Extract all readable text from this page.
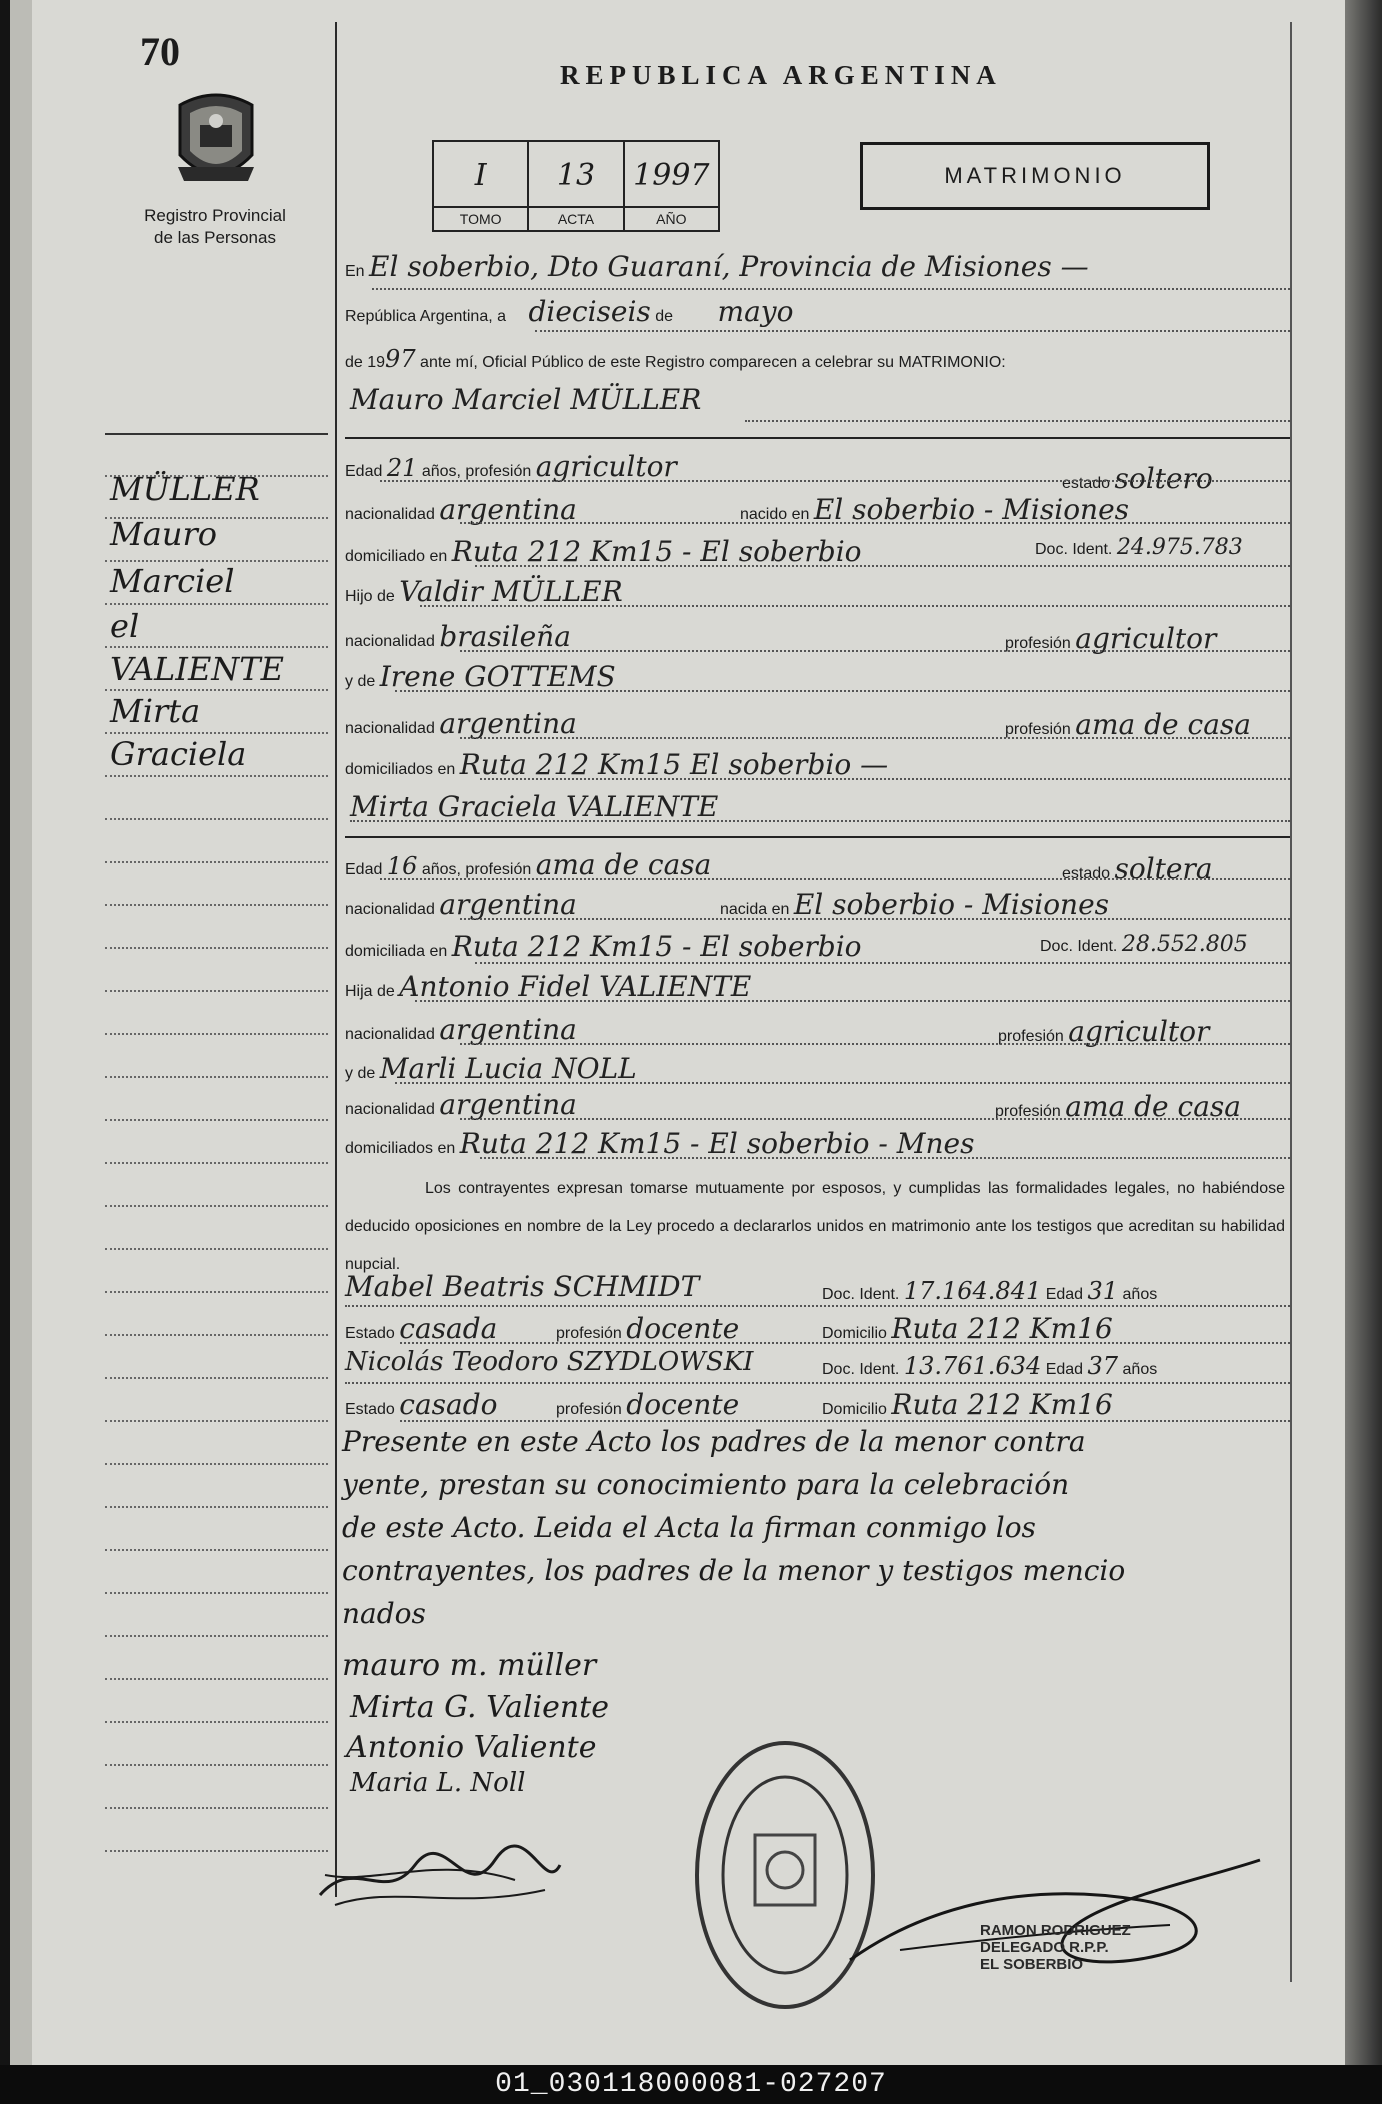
70
Registro Provincial
de las Personas
REPUBLICA ARGENTINA
I
TOMO
13
ACTA
1997
AÑO
MATRIMONIO
En El soberbio, Dto Guaraní, Provincia de Misiones —
República Argentina, a dieciseis de mayo
de 1997 ante mí, Oficial Público de este Registro comparecen a celebrar su MATRIMONIO:
Mauro Marciel MÜLLER
Edad 21 años, profesión agricultor
estado soltero
nacionalidad argentina	nacido en El soberbio - Misiones
domiciliado en Ruta 212 Km15 - El soberbio	Doc. Ident. 24.975.783
Hijo de Valdir MÜLLER
nacionalidad brasileña	profesión agricultor
y de Irene GOTTEMS
nacionalidad argentina	profesión ama de casa
domiciliados en Ruta 212 Km15 El soberbio —
Mirta Graciela VALIENTE
Edad 16 años, profesión ama de casa	estado soltera
nacionalidad argentina	nacida en El soberbio - Misiones
domiciliada en Ruta 212 Km15 - El soberbio	Doc. Ident. 28.552.805
Hija de Antonio Fidel VALIENTE
nacionalidad argentina	profesión agricultor
y de Marli Lucia NOLL
nacionalidad argentina	profesión ama de casa
domiciliados en Ruta 212 Km15 - El soberbio - Mnes
Los contrayentes expresan tomarse mutuamente por esposos, y cumplidas las formalidades legales, no habiéndose deducido oposiciones en nombre de la Ley procedo a declararlos unidos en matrimonio ante los testigos que acreditan su habilidad nupcial.
Mabel Beatris SCHMIDT	Doc. Ident. 17.164.841 Edad 31 años
Estado casada	profesión docente	Domicilio Ruta 212 Km16
Nicolás Teodoro SZYDLOWSKI	Doc. Ident. 13.761.634 Edad 37 años
Estado casado	profesión docente	Domicilio Ruta 212 Km16
Presente en este Acto los padres de la menor contra
yente, prestan su conocimiento para la celebración
de este Acto. Leida el Acta la firman conmigo los
contrayentes, los padres de la menor y testigos mencio
nados
mauro m. müller
Mirta G. Valiente
Antonio Valiente
Maria L. Noll
RAMON RODRIGUEZ
DELEGADO R.P.P.
EL SOBERBIO
MÜLLER
Mauro
Marciel
el
VALIENTE
Mirta
Graciela
01_030118000081-027207
